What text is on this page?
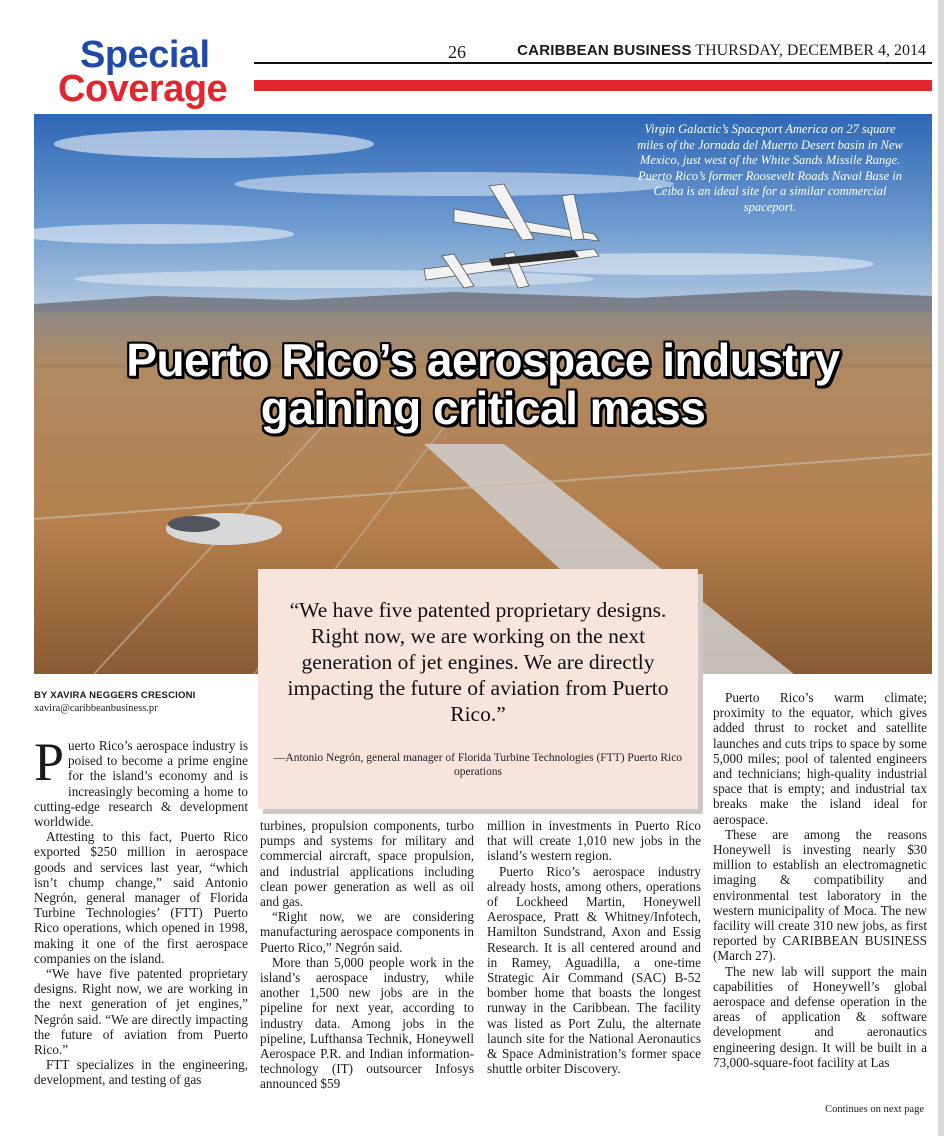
Special
Coverage
26	CARIBBEAN BUSINESS THURSDAY, DECEMBER 4, 2014
Virgin Galactic’s Spaceport America on 27 square miles of the Jornada del Muerto Desert basin in New Mexico, just west of the White Sands Missile Range. Puerto Rico’s former Roosevelt Roads Naval Base in Ceiba is an ideal site for a similar commercial spaceport.
Puerto Rico’s aerospace industry
gaining critical mass
BY XAVIRA NEGGERS CRESCIONI
xavira@caribbeanbusiness.pr

Puerto Rico’s aerospace industry is poised to become a prime engine for the island’s economy and is increasingly becoming a home to cutting-edge research & development worldwide.

Attesting to this fact, Puerto Rico exported $250 million in aerospace goods and services last year, “which isn’t chump change,” said Antonio Negrón, general manager of Florida Turbine Technologies’ (FTT) Puerto Rico operations, which opened in 1998, making it one of the first aerospace companies on the island.

“We have five patented proprietary designs. Right now, we are working in the next generation of jet engines,” Negrón said. “We are directly impacting the future of aviation from Puerto Rico.”

FTT specializes in the engineering, development, and testing of gas

turbines, propulsion components, turbo pumps and systems for military and commercial aircraft, space propulsion, and industrial applications including clean power generation as well as oil and gas.

“Right now, we are considering manufacturing aerospace components in Puerto Rico,” Negrón said.

More than 5,000 people work in the island’s aerospace industry, while another 1,500 new jobs are in the pipeline for next year, according to industry data. Among jobs in the pipeline, Lufthansa Technik, Honeywell Aerospace P.R. and Indian information-technology (IT) outsourcer Infosys announced $59

million in investments in Puerto Rico that will create 1,010 new jobs in the island’s western region.

Puerto Rico’s aerospace industry already hosts, among others, operations of Lockheed Martin, Honeywell Aerospace, Pratt & Whitney/Infotech, Hamilton Sundstrand, Axon and Essig Research. It is all centered around and in Ramey, Aguadilla, a one-time Strategic Air Command (SAC) B-52 bomber home that boasts the longest runway in the Caribbean. The facility was listed as Port Zulu, the alternate launch site for the National Aeronautics & Space Administration’s former space shuttle orbiter Discovery.

Puerto Rico’s warm climate; proximity to the equator, which gives added thrust to rocket and satellite launches and cuts trips to space by some 5,000 miles; pool of talented engineers and technicians; high-quality industrial space that is empty; and industrial tax breaks make the island ideal for aerospace.

These are among the reasons Honeywell is investing nearly $30 million to establish an electromagnetic imaging & compatibility and environmental test laboratory in the western municipality of Moca. The new facility will create 310 new jobs, as first reported by CARIBBEAN BUSINESS (March 27).

The new lab will support the main capabilities of Honeywell’s global aerospace and defense operation in the areas of application & software development and aeronautics engineering design. It will be built in a 73,000-square-foot facility at Las

“We have five patented proprietary designs. Right now, we are working on the next generation of jet engines. We are directly impacting the future of aviation from Puerto Rico.”
—Antonio Negrón, general manager of Florida Turbine Technologies (FTT) Puerto Rico operations
Continues on next page
